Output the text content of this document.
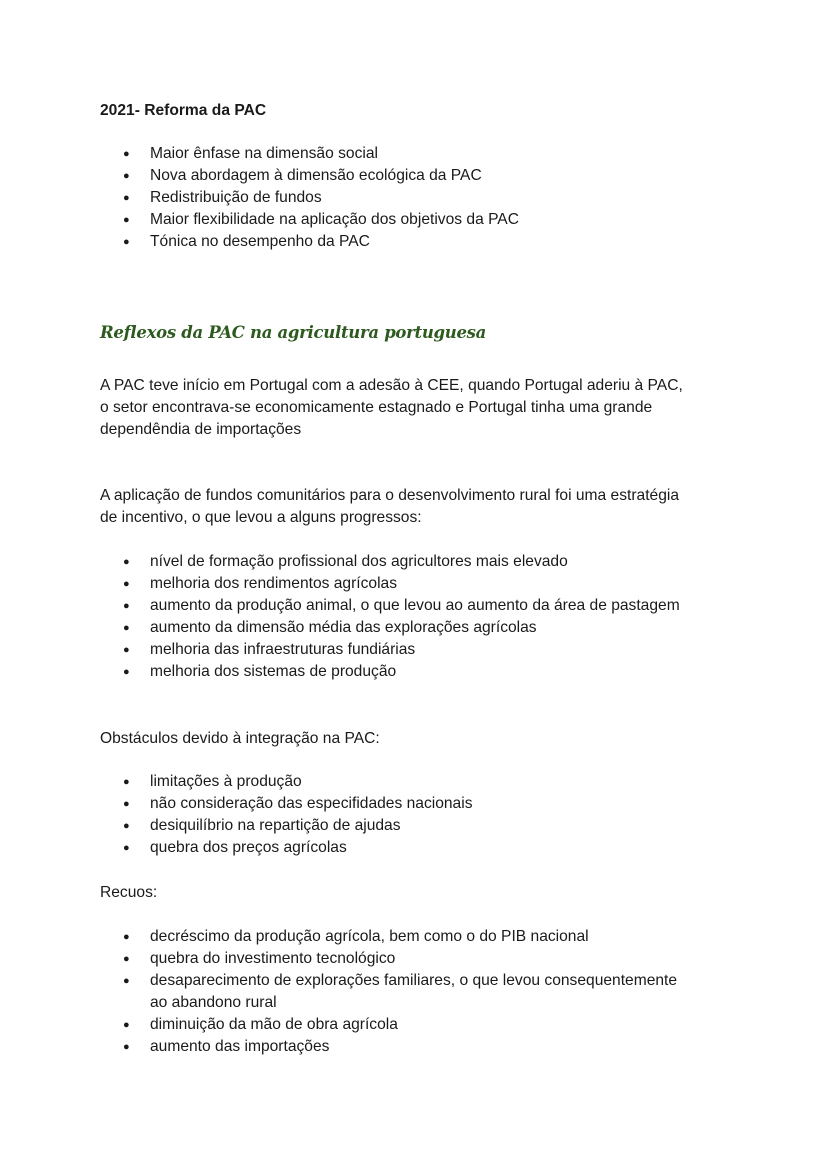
2021- Reforma da PAC

● Maior ênfase na dimensão social
● Nova abordagem à dimensão ecológica da PAC
● Redistribuição de fundos
● Maior flexibilidade na aplicação dos objetivos da PAC
● Tónica no desempenho da PAC

Reflexos da PAC na agricultura portuguesa

A PAC teve início em Portugal com a adesão à CEE, quando Portugal aderiu à PAC,

o setor encontrava-se economicamente estagnado e Portugal tinha uma grande

dependêndia de importações

A aplicação de fundos comunitários para o desenvolvimento rural foi uma estratégia

de incentivo, o que levou a alguns progressos:

● nível de formação profissional dos agricultores mais elevado
● melhoria dos rendimentos agrícolas
● aumento da produção animal, o que levou ao aumento da área de pastagem
● aumento da dimensão média das explorações agrícolas
● melhoria das infraestruturas fundiárias
● melhoria dos sistemas de produção

Obstáculos devido à integração na PAC:

● limitações à produção
● não consideração das especifidades nacionais
● desiquilíbrio na repartição de ajudas
● quebra dos preços agrícolas

Recuos:

● decréscimo da produção agrícola, bem como o do PIB nacional
● quebra do investimento tecnológico
● desaparecimento de explorações familiares, o que levou consequentemente
ao abandono rural
● diminuição da mão de obra agrícola
● aumento das importações
